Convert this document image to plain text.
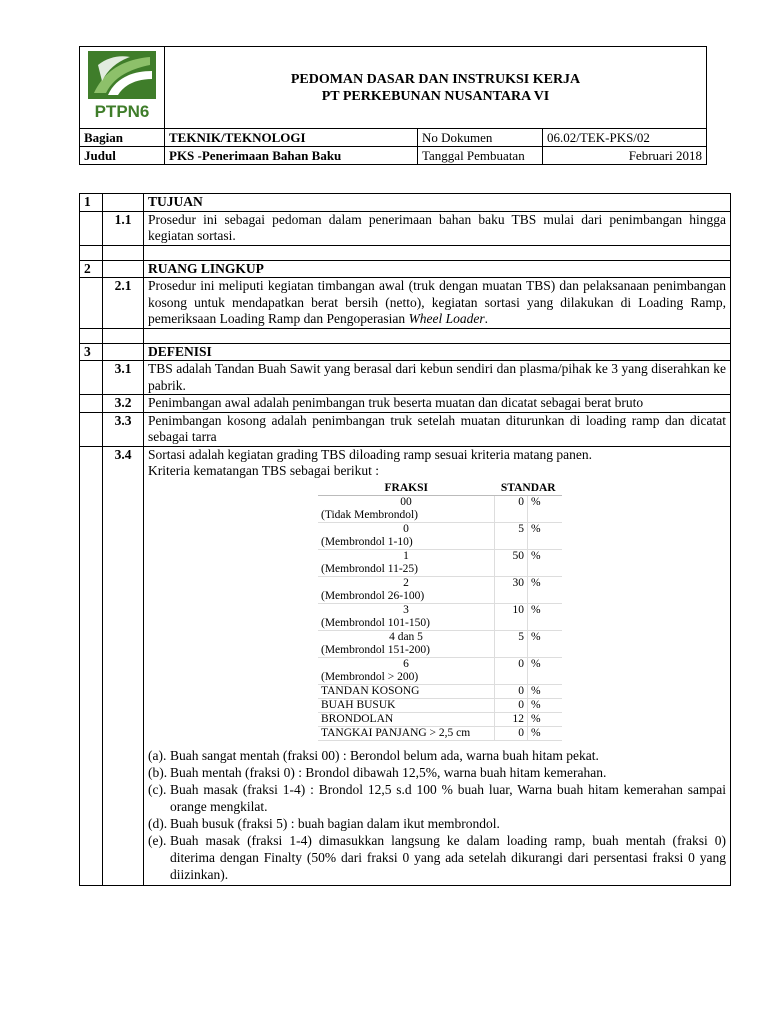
PTPN6	PEDOMAN DASAR DAN INSTRUKSI KERJA
PT PERKEBUNAN NUSANTARA VI		

Bagian	TEKNIK/TEKNOLOGI	No Dokumen	06.02/TEK-PKS/02
Judul	PKS -Penerimaan Bahan Baku	Tanggal Pembuatan	Februari 2018
1		TUJUAN
	1.1	Prosedur ini sebagai pedoman dalam penerimaan bahan baku TBS mulai dari penimbangan hingga kegiatan sortasi.

2		RUANG LINGKUP
	2.1	Prosedur ini meliputi kegiatan timbangan awal (truk dengan muatan TBS) dan pelaksanaan penimbangan kosong untuk mendapatkan berat bersih (netto), kegiatan sortasi yang dilakukan di Loading Ramp, pemeriksaan Loading Ramp dan Pengoperasian Wheel Loader.

3		DEFENISI
	3.1	TBS adalah Tandan Buah Sawit yang berasal dari kebun sendiri dan plasma/pihak ke 3 yang diserahkan ke pabrik.
	3.2	Penimbangan awal adalah penimbangan truk beserta muatan dan dicatat sebagai berat bruto
	3.3	Penimbangan kosong adalah penimbangan truk setelah muatan diturunkan di loading ramp dan dicatat sebagai tarra
	3.4	Sortasi adalah kegiatan grading TBS diloading ramp sesuai kriteria matang panen.
Kriteria kematangan TBS sebagai berikut :
FRAKSI	STANDAR
00	0	%
(Tidak Membrondol)
0	5	%
(Membrondol 1-10)
1	50	%
(Membrondol 11-25)
2	30	%
(Membrondol 26-100)
3	10	%
(Membrondol 101-150)
4 dan 5	5	%
(Membrondol 151-200)
6	0	%
(Membrondol > 200)
TANDAN KOSONG	0	%
BUAH BUSUK	0	%
BRONDOLAN	12	%
TANGKAI PANJANG > 2,5 cm	0	%
(a). Buah sangat mentah (fraksi 00) : Berondol belum ada, warna buah hitam pekat.
(b). Buah mentah (fraksi 0) : Brondol dibawah 12,5%, warna buah hitam kemerahan.
(c). Buah masak (fraksi 1-4) : Brondol 12,5 s.d 100 % buah luar, Warna buah hitam kemerahan sampai orange mengkilat.
(d). Buah busuk (fraksi 5) : buah bagian dalam ikut membrondol.
(e). Buah masak (fraksi 1-4) dimasukkan langsung ke dalam loading ramp, buah mentah (fraksi 0) diterima dengan Finalty (50% dari fraksi 0 yang ada setelah dikurangi dari persentasi fraksi 0 yang diizinkan).
